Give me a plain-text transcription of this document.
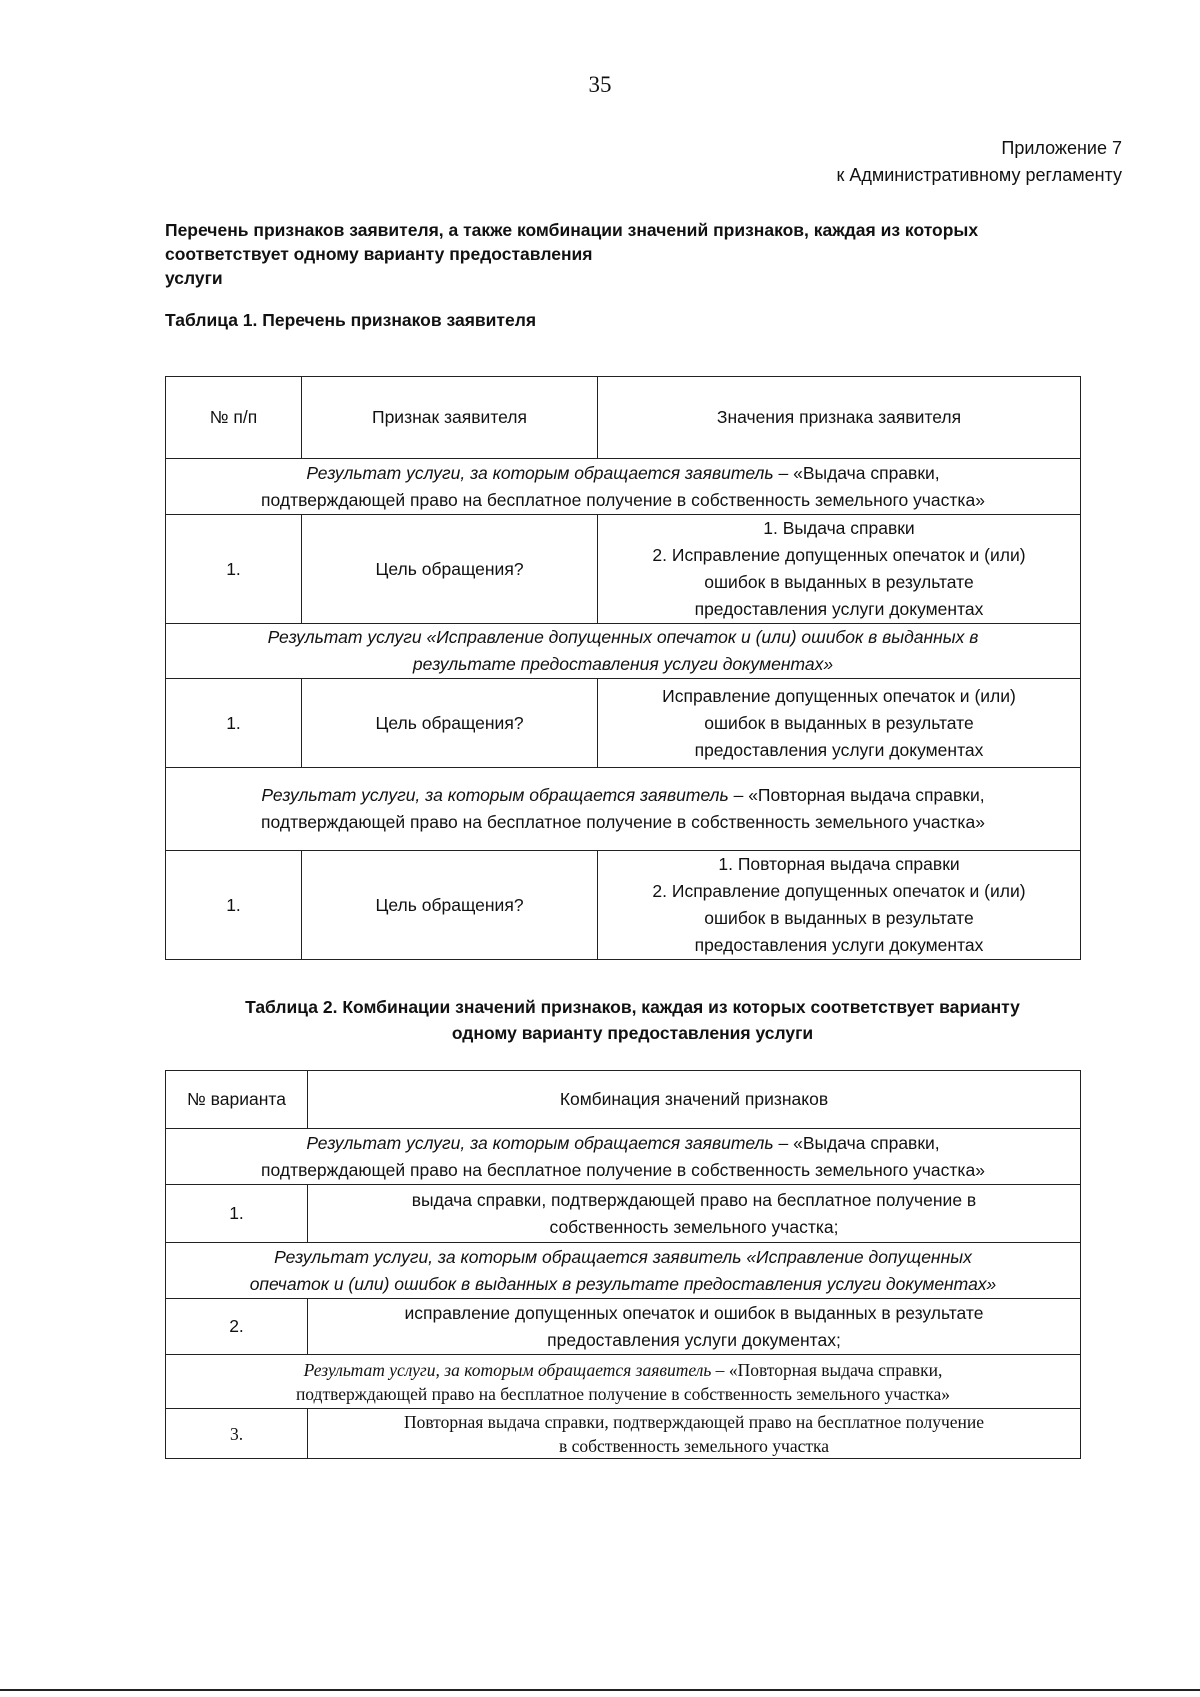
35
Приложение 7
к Административному регламенту
Перечень признаков заявителя, а также комбинации значений признаков, каждая из которых
соответствует одному варианту предоставления
услуги
Таблица 1. Перечень признаков заявителя
№ п/п	Признак заявителя	Значения признака заявителя
Результат услуги, за которым обращается заявитель – «Выдача справки,
подтверждающей право на бесплатное получение в собственность земельного участка»		
1.	Цель обращения?	1. Выдача справки
2. Исправление допущенных опечаток и (или)
ошибок в выданных в результате
предоставления услуги документах

Результат услуги «Исправление допущенных опечаток и (или) ошибок в выданных в
результате предоставления услуги документах»		
1.	Цель обращения?	Исправление допущенных опечаток и (или)
ошибок в выданных в результате
предоставления услуги документах

Результат услуги, за которым обращается заявитель – «Повторная выдача справки,
подтверждающей право на бесплатное получение в собственность земельного участка»		
1.	Цель обращения?	1. Повторная выдача справки
2. Исправление допущенных опечаток и (или)
ошибок в выданных в результате
предоставления услуги документах
Таблица 2. Комбинации значений признаков, каждая из которых соответствует варианту
одному варианту предоставления услуги
№ варианта	Комбинация значений признаков
Результат услуги, за которым обращается заявитель – «Выдача справки,
подтверждающей право на бесплатное получение в собственность земельного участка»	
1.	выдача справки, подтверждающей право на бесплатное получение в
собственность земельного участка;

Результат услуги, за которым обращается заявитель «Исправление допущенных
опечаток и (или) ошибок в выданных в результате предоставления услуги документах»	
2.	исправление допущенных опечаток и ошибок в выданных в результате
предоставления услуги документах;

Результат услуги, за которым обращается заявитель – «Повторная выдача справки,
подтверждающей право на бесплатное получение в собственность земельного участка»	
3.	Повторная выдача справки, подтверждающей право на бесплатное получение
в собственность земельного участка
